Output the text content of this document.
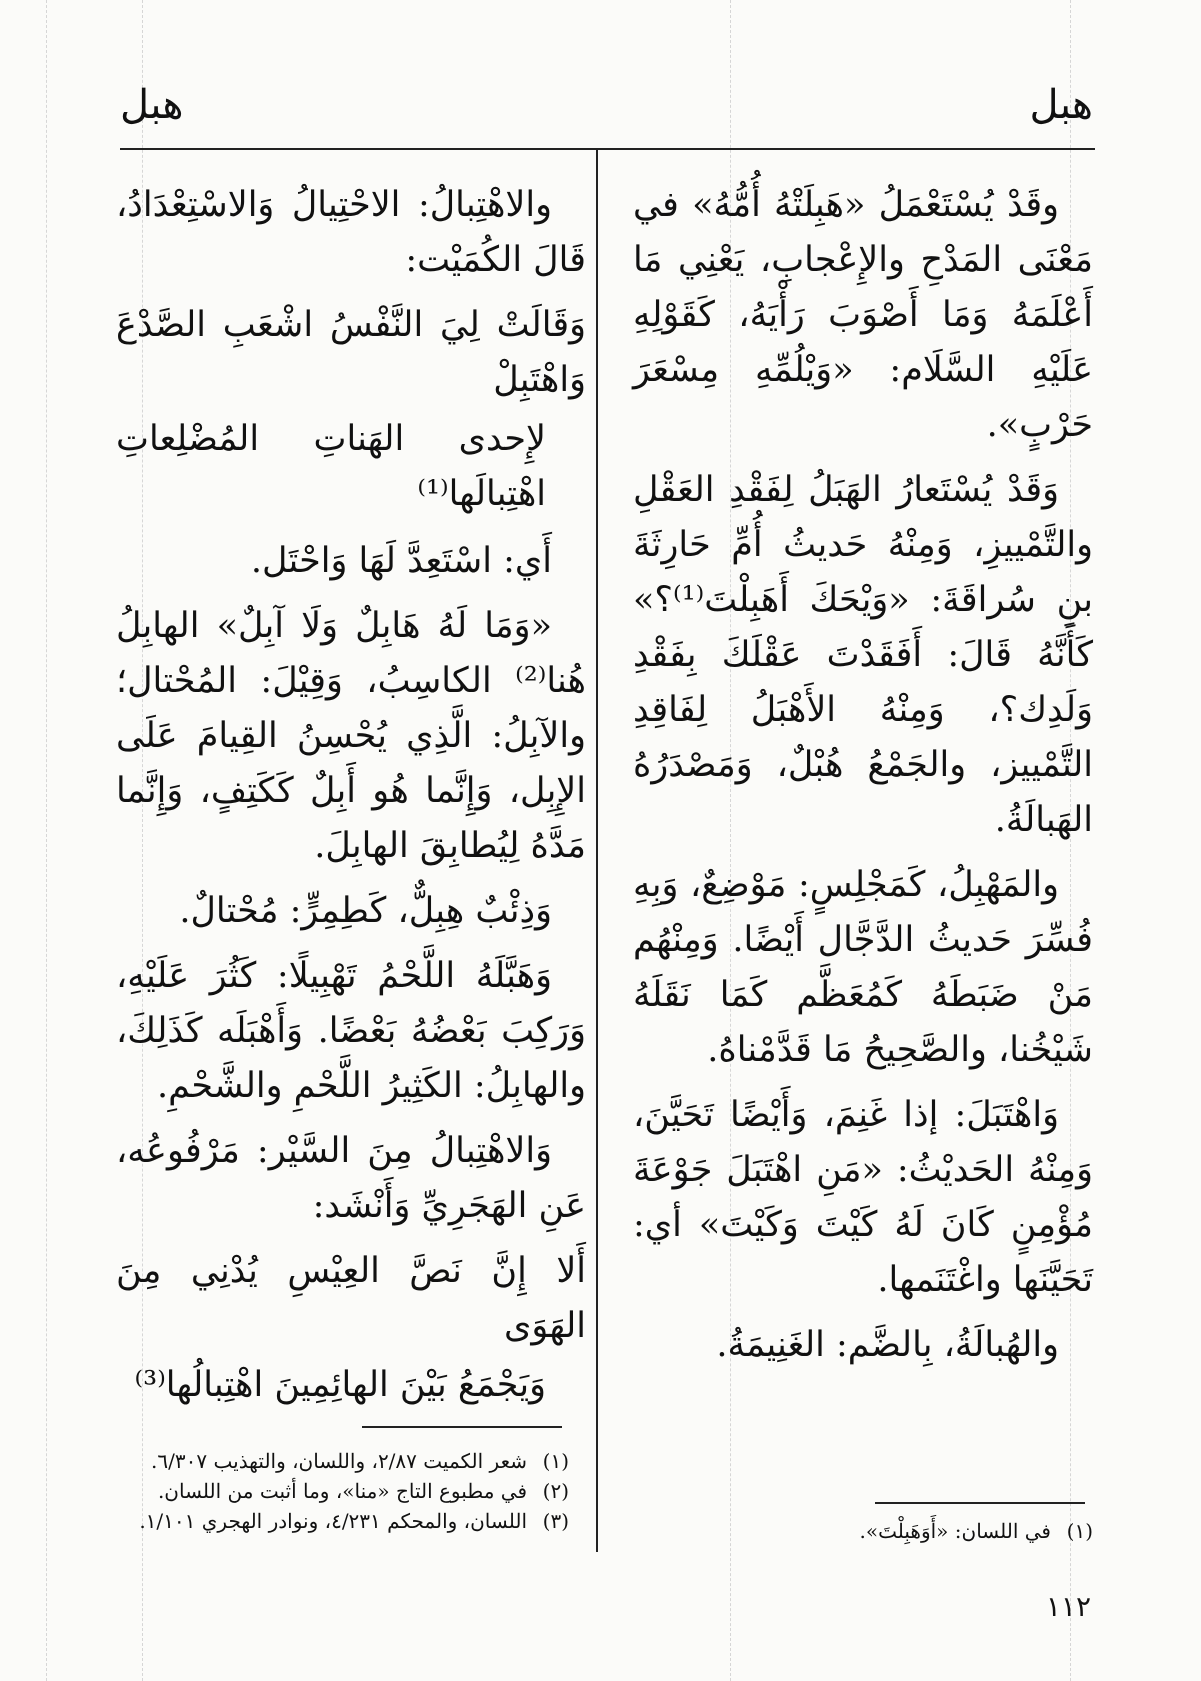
هبل
هبل

وقَدْ يُسْتَعْمَلُ «هَبِلَتْهُ أُمُّهُ» في مَعْنَى المَدْحِ والإِعْجابِ، يَعْنِي مَا أَعْلَمَهُ وَمَا أَصْوَبَ رَأْيَهُ، كَقَوْلِهِ عَلَيْهِ السَّلَام: «وَيْلُمِّهِ مِسْعَرَ حَرْبٍ».

وَقَدْ يُسْتَعارُ الهَبَلُ لِفَقْدِ العَقْلِ والتَّمْييزِ، وَمِنْهُ حَديثُ أُمِّ حَارِثَةَ بنِ سُراقَةَ: «وَيْحَكَ أَهَبِلْتَ⁽¹⁾؟» كَأَنَّهُ قَالَ: أَفَقَدْتَ عَقْلَكَ بِفَقْدِ وَلَدِك؟، وَمِنْهُ الأَهْبَلُ لِفَاقِدِ التَّمْييز، والجَمْعُ هُبْلٌ، وَمَصْدَرُهُ الهَبالَةُ.

والمَهْبِلُ، كَمَجْلِسٍ: مَوْضِعٌ، وَبِهِ فُسِّرَ حَديثُ الدَّجَّال أَيْضًا. وَمِنْهُم مَنْ ضَبَطَهُ كَمُعَظَّم كَمَا نَقَلَهُ شَيْخُنا، والصَّحِيحُ مَا قَدَّمْناهُ.

وَاهْتَبَلَ: إذا غَنِمَ، وَأَيْضًا تَحَيَّنَ، وَمِنْهُ الحَديْثُ: «مَنِ اهْتَبَلَ جَوْعَةَ مُؤْمِنٍ كَانَ لَهُ كَيْتَ وَكَيْتَ» أي: تَحَيَّنَها واغْتَنَمها.

والهُبالَةُ، بِالضَّم: الغَنِيمَةُ.

والاهْتِبالُ: الاحْتِيالُ وَالاسْتِعْدَادُ، قَالَ الكُمَيْت:

وَقَالَتْ لِيَ النَّفْسُ اشْعَبِ الصَّدْعَ وَاهْتَبِلْ

لإِحدى الهَناتِ المُضْلِعاتِ اهْتِبالَها⁽¹⁾

أَي: اسْتَعِدَّ لَهَا وَاحْتَل.

«وَمَا لَهُ هَابِلٌ وَلَا آبِلٌ» الهابِلُ هُنا⁽²⁾ الكاسِبُ، وَقِيْلَ: المُحْتال؛ والآبِلُ: الَّذِي يُحْسِنُ القِيامَ عَلَى الإِبِل، وَإِنَّما هُو أَبِلٌ كَكَتِفٍ، وَإِنَّما مَدَّهُ لِيُطابِقَ الهابِلَ.

وَذِئْبٌ هِبِلٌّ، كَطِمِرٍّ: مُحْتالٌ.

وَهَبَّلَهُ اللَّحْمُ تَهْبِيلًا: كَثُرَ عَلَيْهِ، وَرَكِبَ بَعْضُهُ بَعْضًا. وَأَهْبَلَه كَذَلِكَ، والهابِلُ: الكَثِيرُ اللَّحْمِ والشَّحْمِ.

وَالاهْتِبالُ مِنَ السَّيْر: مَرْفُوعُه، عَنِ الهَجَرِيِّ وَأَنْشَد:

أَلا إِنَّ نَصَّ العِيْسِ يُدْنِي مِنَ الهَوَى

وَيَجْمَعُ بَيْنَ الهائِمِينَ اهْتِبالُها⁽³⁾

(١)في اللسان: «أَوَهَبِلْتَ».
(١)شعر الكميت ٢/٨٧، واللسان، والتهذيب ٦/٣٠٧.
(٢)في مطبوع التاج «منا»، وما أثبت من اللسان.
(٣)اللسان، والمحكم ٤/٢٣١، ونوادر الهجري ١/١٠١.
١١٢
